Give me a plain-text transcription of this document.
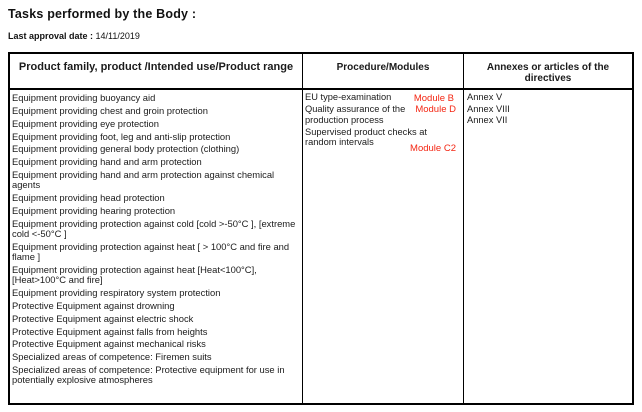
Tasks performed by the Body :
Last approval date : 14/11/2019
Product family, product /Intended use/Product range	Procedure/Modules	Annexes or articles of the directives
Equipment providing buoyancy aid
Equipment providing chest and groin protection
Equipment providing eye protection
Equipment providing foot, leg and anti-slip protection
Equipment providing general body protection (clothing)
Equipment providing hand and arm protection
Equipment providing hand and arm protection against chemical agents
Equipment providing head protection
Equipment providing hearing protection
Equipment providing protection against cold [cold >-50°C ], [extreme cold <-50°C ]
Equipment providing protection against heat [ > 100°C and fire and flame ]
Equipment providing protection against heat [Heat<100°C], [Heat>100°C and fire]
Equipment providing respiratory system protection
Protective Equipment against drowning
Protective Equipment against electric shock
Protective Equipment against falls from heights
Protective Equipment against mechanical risks
Specialized areas of competence: Firemen suits
Specialized areas of competence: Protective equipment for use in potentially explosive atmospheres

EU type-examination

Quality assurance of the production process

Supervised product checks at random intervals

Module B
Module D
Module C2
Annex V
Annex VIII
Annex VII
